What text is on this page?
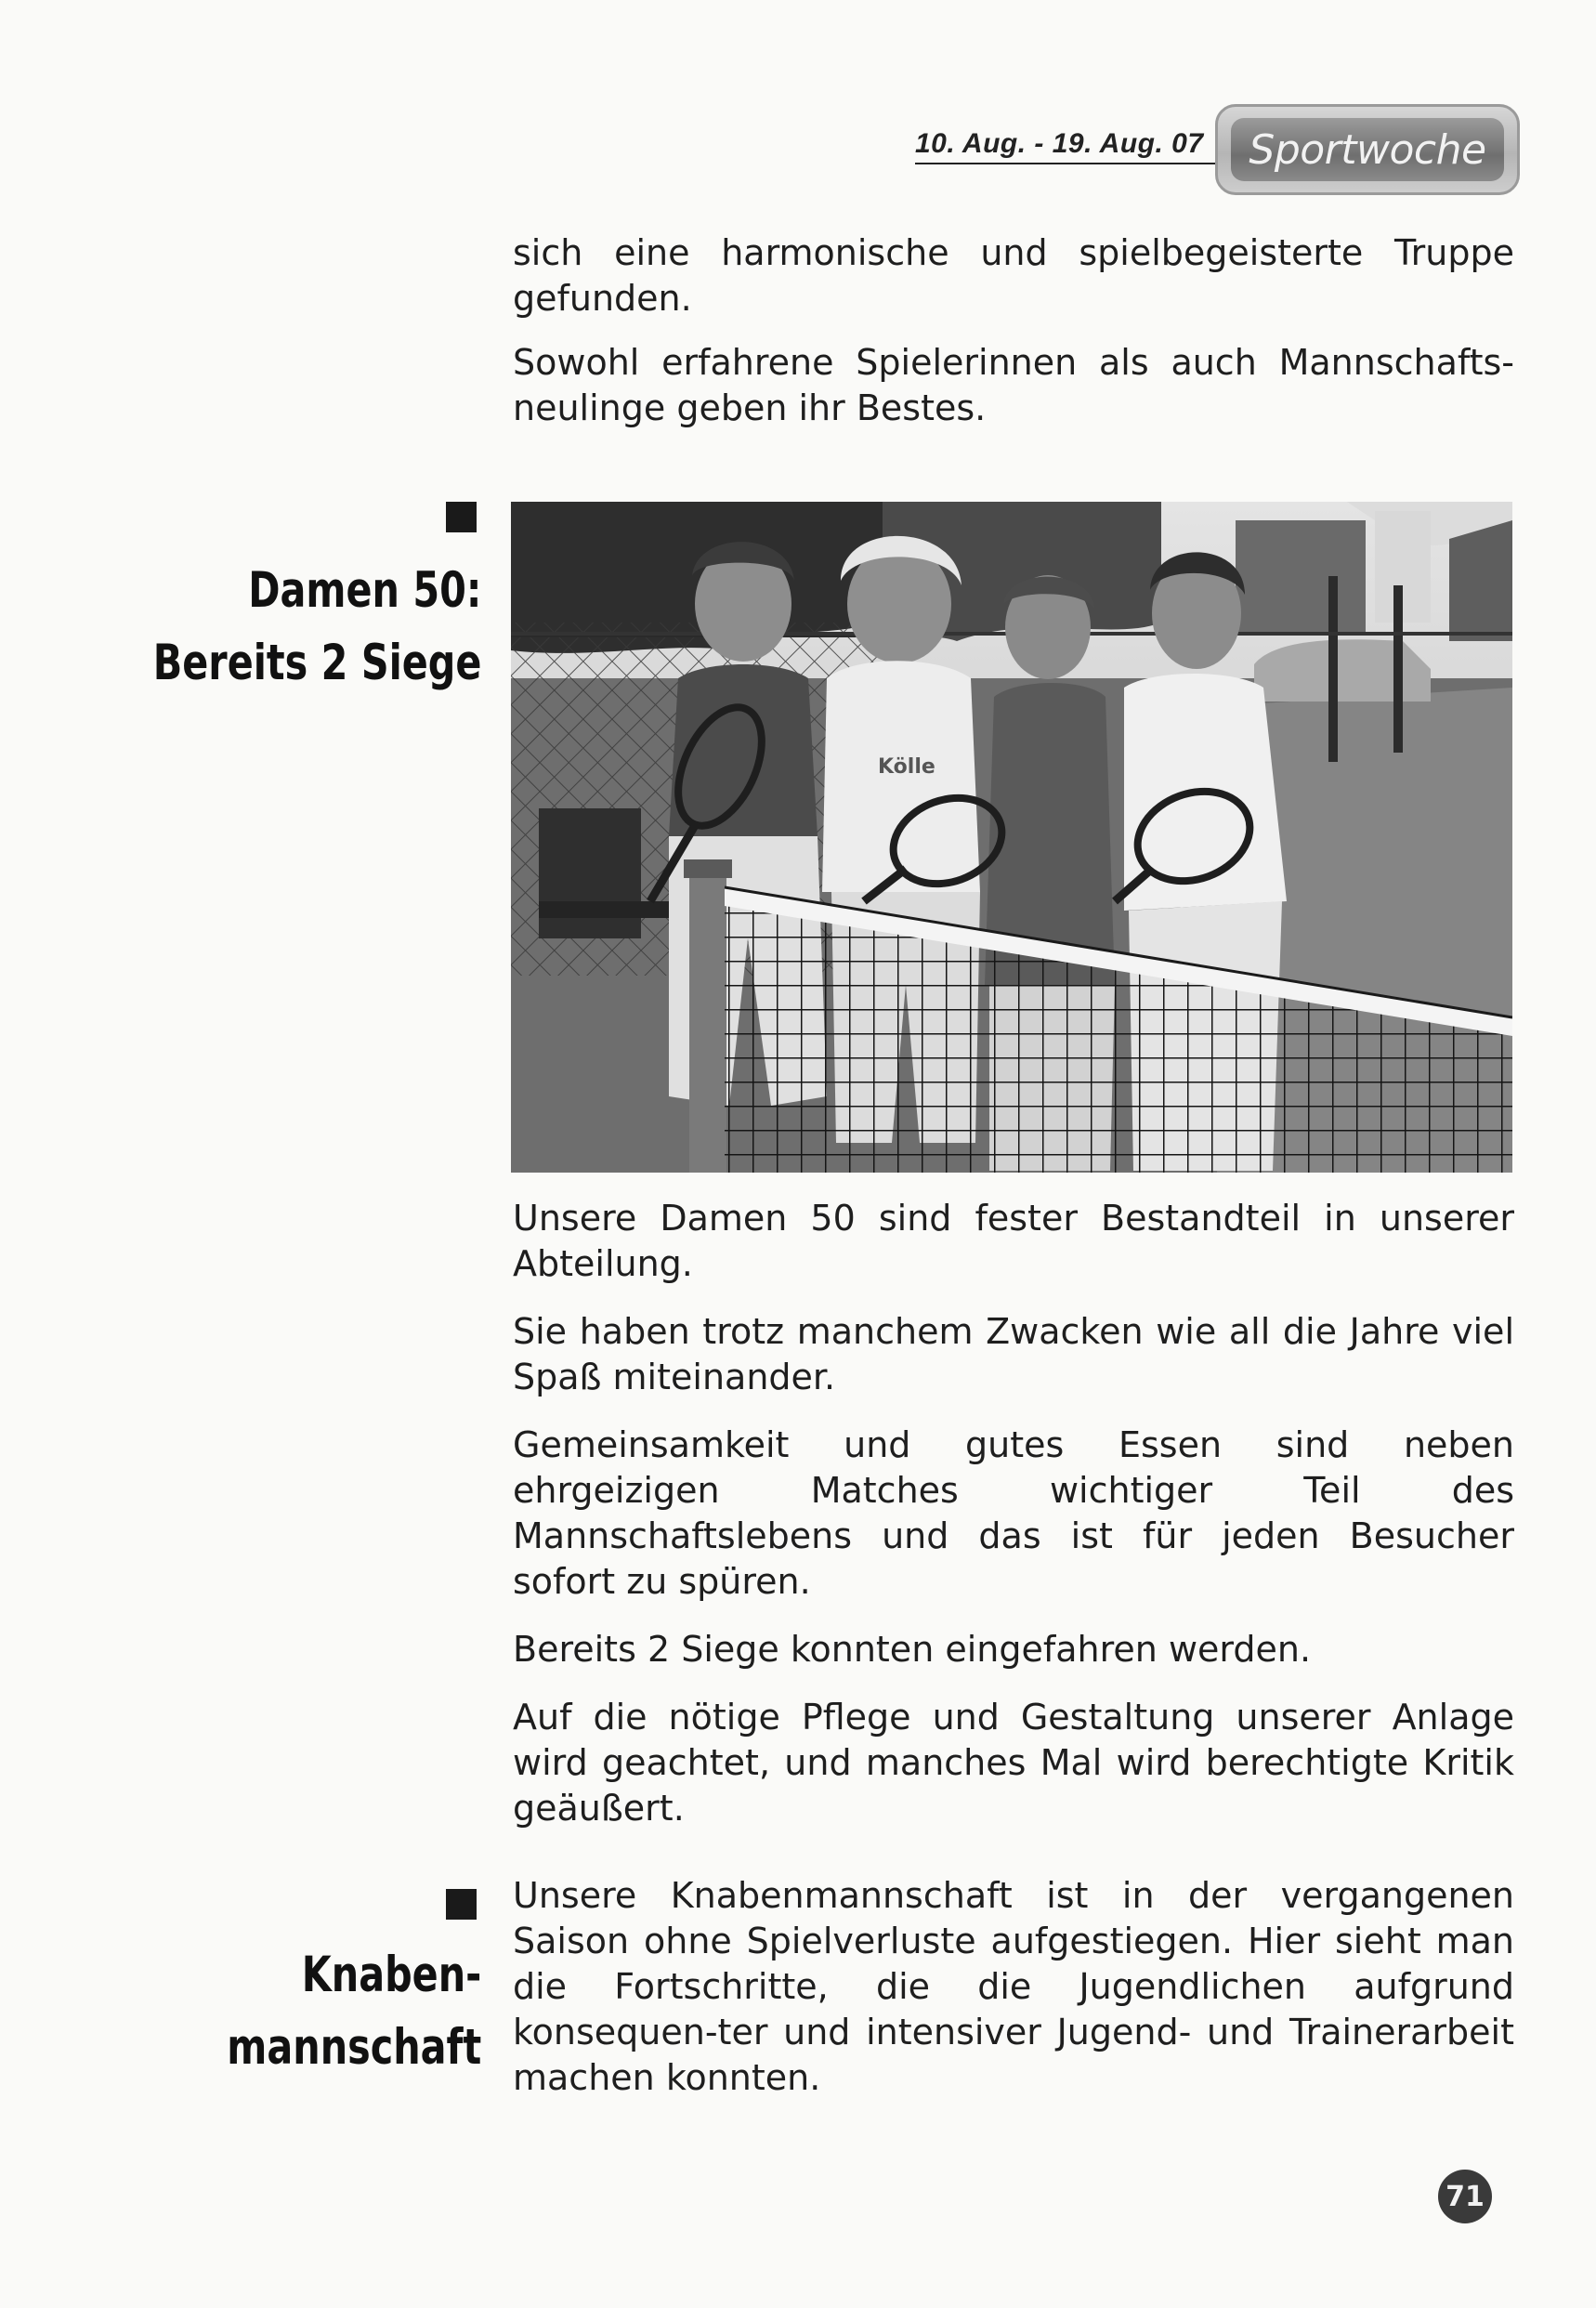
10. Aug. - 19. Aug. 07 Sportwoche

sich eine harmonische und spielbegeisterte Truppe gefunden.

Sowohl erfahrene Spielerinnen als auch Mannschafts-neulinge geben ihr Bestes.

Damen 50:
Bereits 2 Siege
Kölle

Unsere Damen 50 sind fester Bestandteil in unserer Abteilung.

Sie haben trotz manchem Zwacken wie all die Jahre viel Spaß miteinander.

Gemeinsamkeit und gutes Essen sind neben ehrgeizigen Matches wichtiger Teil des Mannschaftslebens und das ist für jeden Besucher sofort zu spüren.

Bereits 2 Siege konnten eingefahren werden.

Auf die nötige Pflege und Gestaltung unserer Anlage wird geachtet, und manches Mal wird berechtigte Kritik geäußert.

Knaben-
mannschaft

Unsere Knabenmannschaft ist in der vergangenen Saison ohne Spielverluste aufgestiegen. Hier sieht man die Fortschritte, die die Jugendlichen aufgrund konsequen-ter und intensiver Jugend- und Trainerarbeit machen konnten.

71
